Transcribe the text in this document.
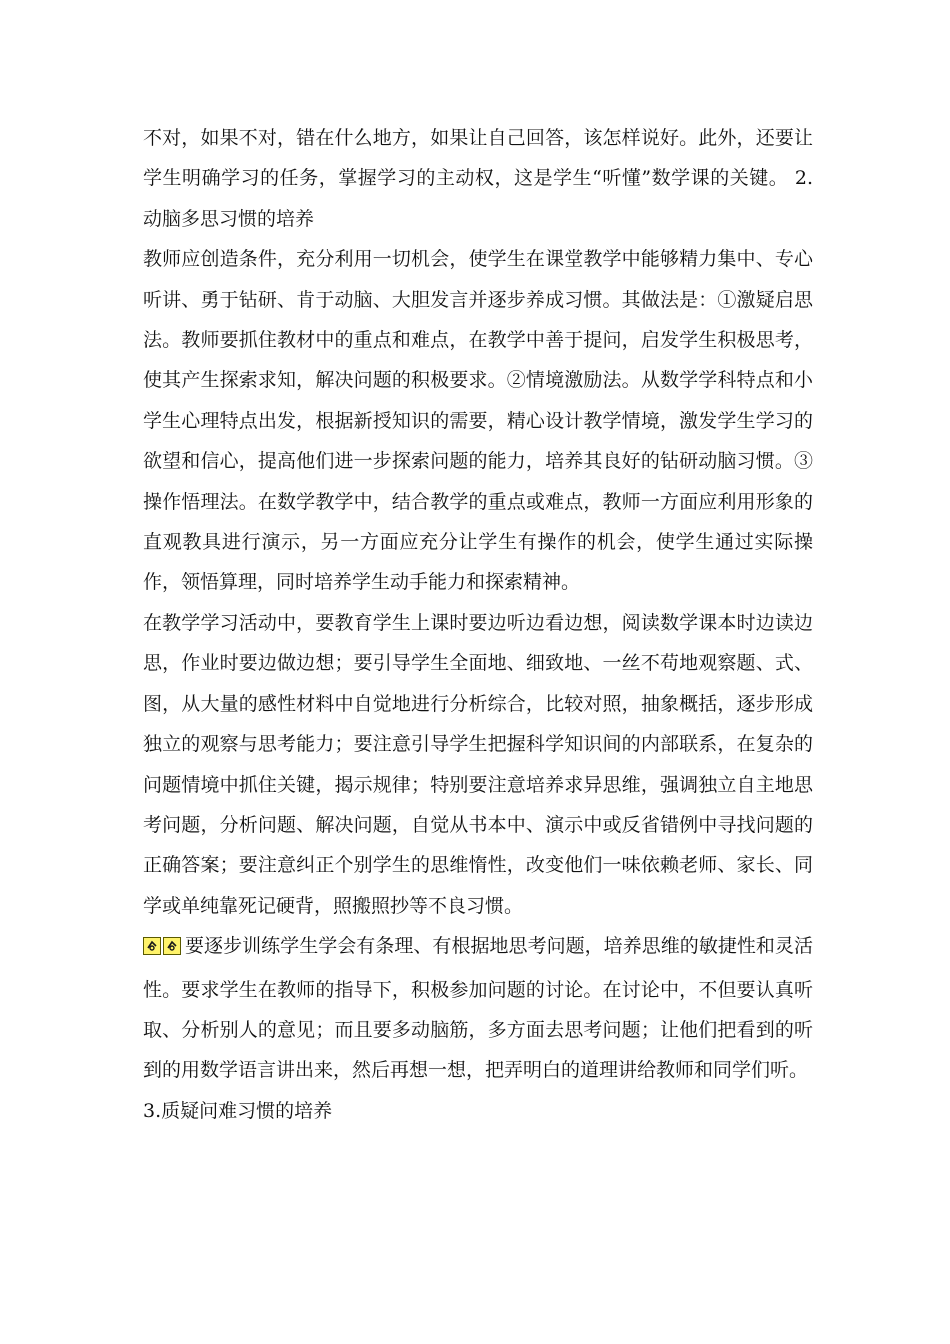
不对，如果不对，错在什么地方，如果让自己回答，该怎样说好。此外，还要让学生明确学习的任务，掌握学习的主动权，这是学生“听懂”数学课的关键。 2.动脑多思习惯的培养

教师应创造条件，充分利用一切机会，使学生在课堂教学中能够精力集中、专心听讲、勇于钻研、肯于动脑、大胆发言并逐步养成习惯。其做法是：①激疑启思法。教师要抓住教材中的重点和难点，在教学中善于提问，启发学生积极思考，使其产生探索求知，解决问题的积极要求。②情境激励法。从数学学科特点和小学生心理特点出发，根据新授知识的需要，精心设计教学情境，激发学生学习的欲望和信心，提高他们进一步探索问题的能力，培养其良好的钻研动脑习惯。③操作悟理法。在数学教学中，结合教学的重点或难点，教师一方面应利用形象的直观教具进行演示，另一方面应充分让学生有操作的机会，使学生通过实际操作，领悟算理，同时培养学生动手能力和探索精神。

在教学学习活动中，要教育学生上课时要边听边看边想，阅读数学课本时边读边思，作业时要边做边想；要引导学生全面地、细致地、一丝不苟地观察题、式、图，从大量的感性材料中自觉地进行分析综合，比较对照，抽象概括，逐步形成独立的观察与思考能力；要注意引导学生把握科学知识间的内部联系，在复杂的问题情境中抓住关键，揭示规律；特别要注意培养求异思维，强调独立自主地思考问题，分析问题、解决问题，自觉从书本中、演示中或反省错例中寻找问题的正确答案；要注意纠正个别学生的思维惰性，改变他们一味依赖老师、家长、同学或单纯靠死记硬背，照搬照抄等不良习惯。

要逐步训练学生学会有条理、有根据地思考问题，培养思维的敏捷性和灵活性。要求学生在教师的指导下，积极参加问题的讨论。在讨论中，不但要认真听取、分析别人的意见；而且要多动脑筋，多方面去思考问题；让他们把看到的听到的用数学语言讲出来，然后再想一想，把弄明白的道理讲给教师和同学们听。

3.质疑问难习惯的培养
